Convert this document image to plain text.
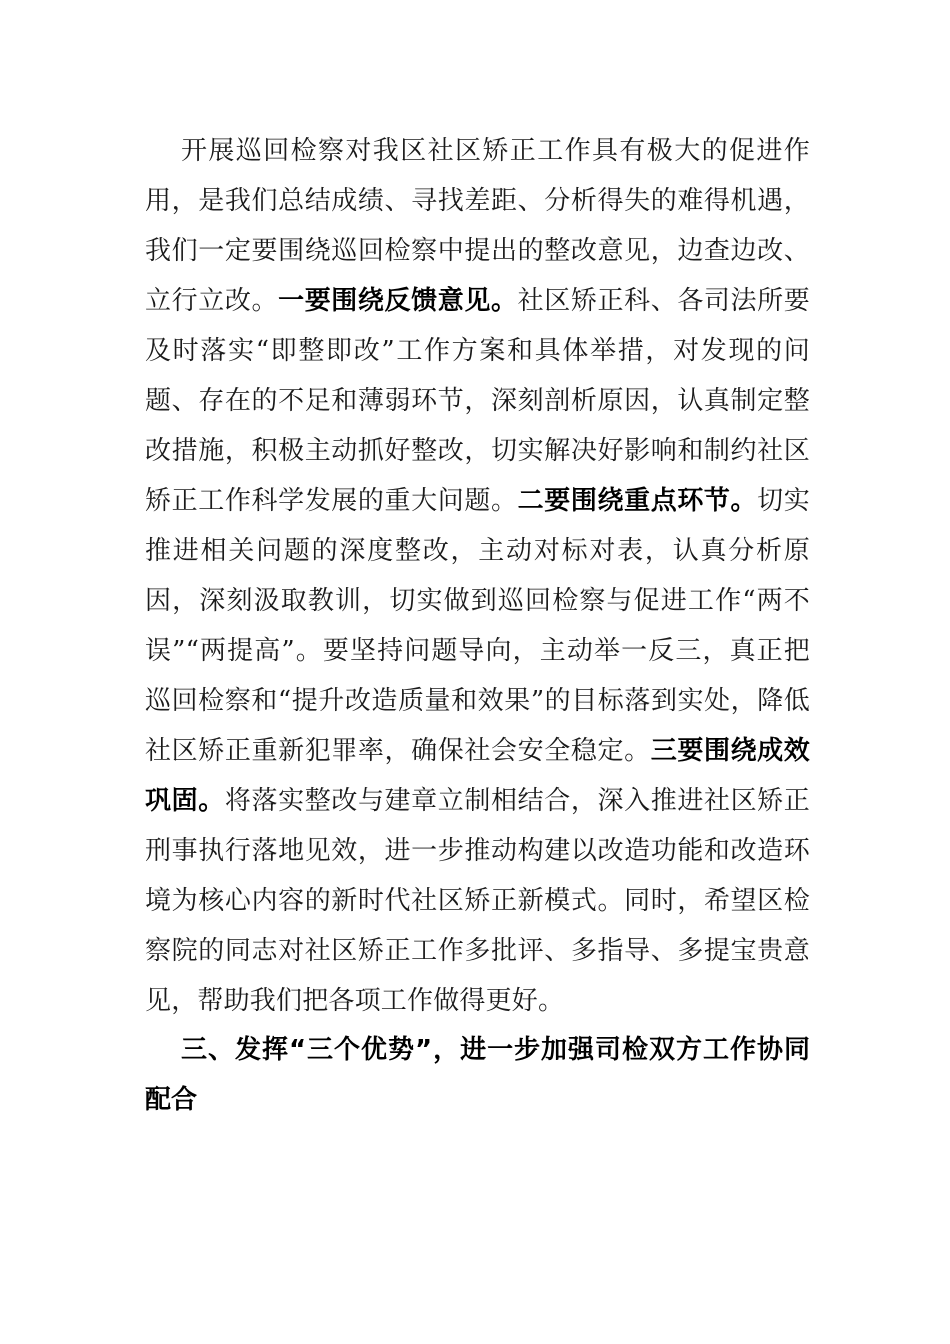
开展巡回检察对我区社区矫正工作具有极大的促进作用，是我们总结成绩、寻找差距、分析得失的难得机遇，我们一定要围绕巡回检察中提出的整改意见，边查边改、立行立改。一要围绕反馈意见。社区矫正科、各司法所要及时落实“即整即改”工作方案和具体举措，对发现的问题、存在的不足和薄弱环节，深刻剖析原因，认真制定整改措施，积极主动抓好整改，切实解决好影响和制约社区矫正工作科学发展的重大问题。二要围绕重点环节。切实推进相关问题的深度整改，主动对标对表，认真分析原因，深刻汲取教训，切实做到巡回检察与促进工作“两不误”“两提高”。要坚持问题导向，主动举一反三，真正把巡回检察和“提升改造质量和效果”的目标落到实处，降低社区矫正重新犯罪率，确保社会安全稳定。三要围绕成效巩固。将落实整改与建章立制相结合，深入推进社区矫正刑事执行落地见效，进一步推动构建以改造功能和改造环境为核心内容的新时代社区矫正新模式。同时，希望区检察院的同志对社区矫正工作多批评、多指导、多提宝贵意见，帮助我们把各项工作做得更好。

三、发挥“三个优势”，进一步加强司检双方工作协同配合
